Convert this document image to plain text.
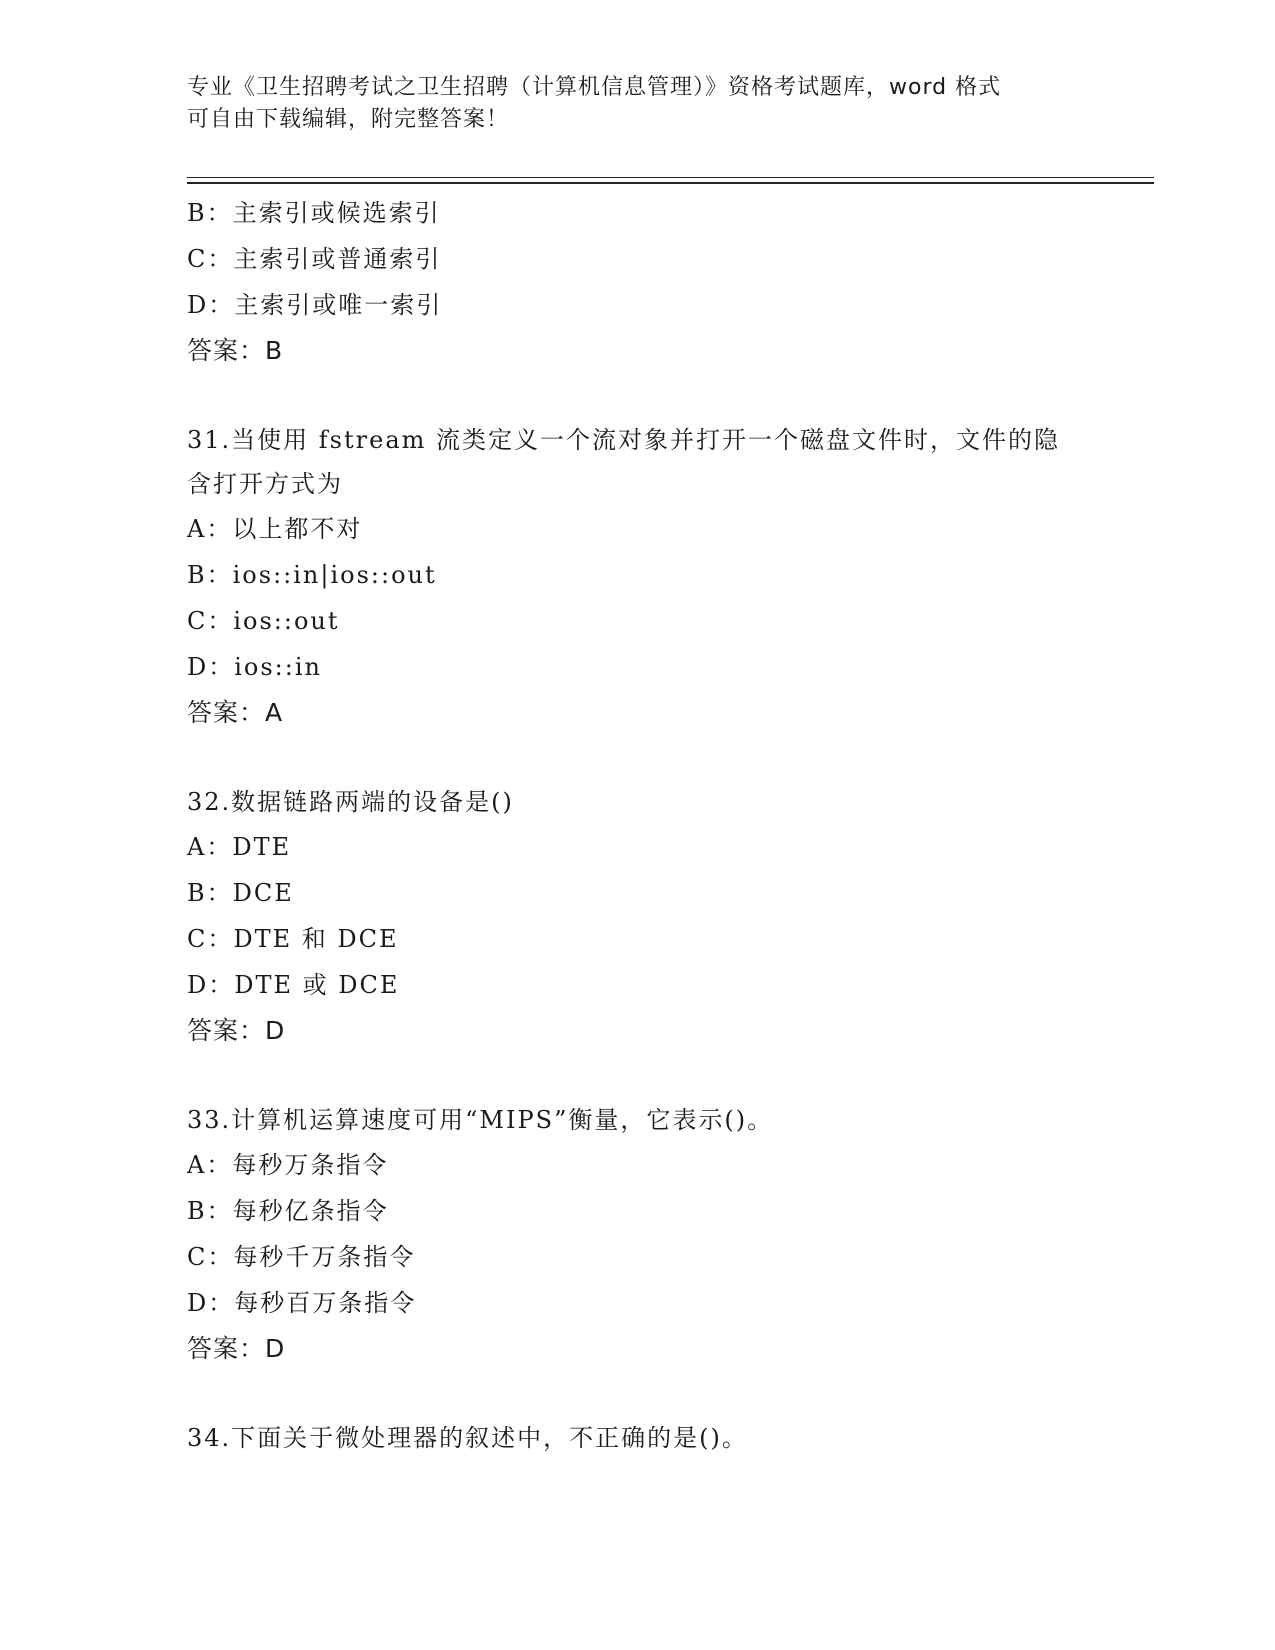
专业《卫生招聘考试之卫生招聘（计算机信息管理）》资格考试题库，word 格式
可自由下载编辑，附完整答案！
B：主索引或候选索引
C：主索引或普通索引
D：主索引或唯一索引
答案：B
31.当使用 fstream 流类定义一个流对象并打开一个磁盘文件时，文件的隐含打开方式为
A：以上都不对
B：ios::in|ios::out
C：ios::out
D：ios::in
答案：A
32.数据链路两端的设备是()
A：DTE
B：DCE
C：DTE 和 DCE
D：DTE 或 DCE
答案：D
33.计算机运算速度可用“MIPS”衡量，它表示()。
A：每秒万条指令
B：每秒亿条指令
C：每秒千万条指令
D：每秒百万条指令
答案：D
34.下面关于微处理器的叙述中，不正确的是()。
